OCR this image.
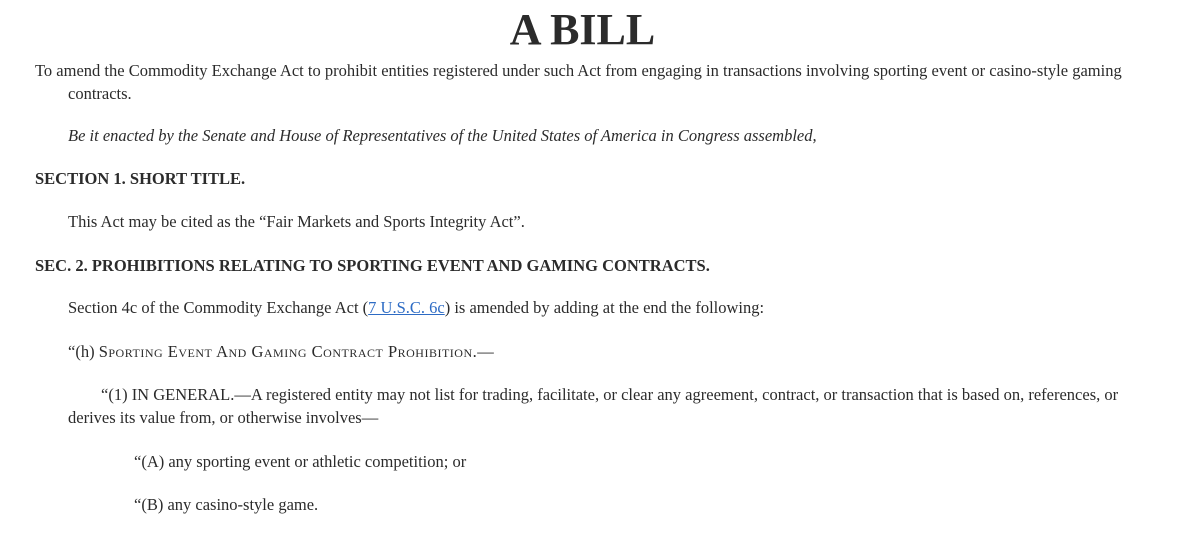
A BILL
To amend the Commodity Exchange Act to prohibit entities registered under such Act from engaging in transactions involving sporting event or casino-style gaming contracts.
Be it enacted by the Senate and House of Representatives of the United States of America in Congress assembled,
SECTION 1. SHORT TITLE.
This Act may be cited as the “Fair Markets and Sports Integrity Act”.
SEC. 2. PROHIBITIONS RELATING TO SPORTING EVENT AND GAMING CONTRACTS.
Section 4c of the Commodity Exchange Act (7 U.S.C. 6c) is amended by adding at the end the following:
“(h) Sporting Event And Gaming Contract Prohibition.—
“(1) IN GENERAL.—A registered entity may not list for trading, facilitate, or clear any agreement, contract, or transaction that is based on, references, or derives its value from, or otherwise involves—
“(A) any sporting event or athletic competition; or
“(B) any casino-style game.
